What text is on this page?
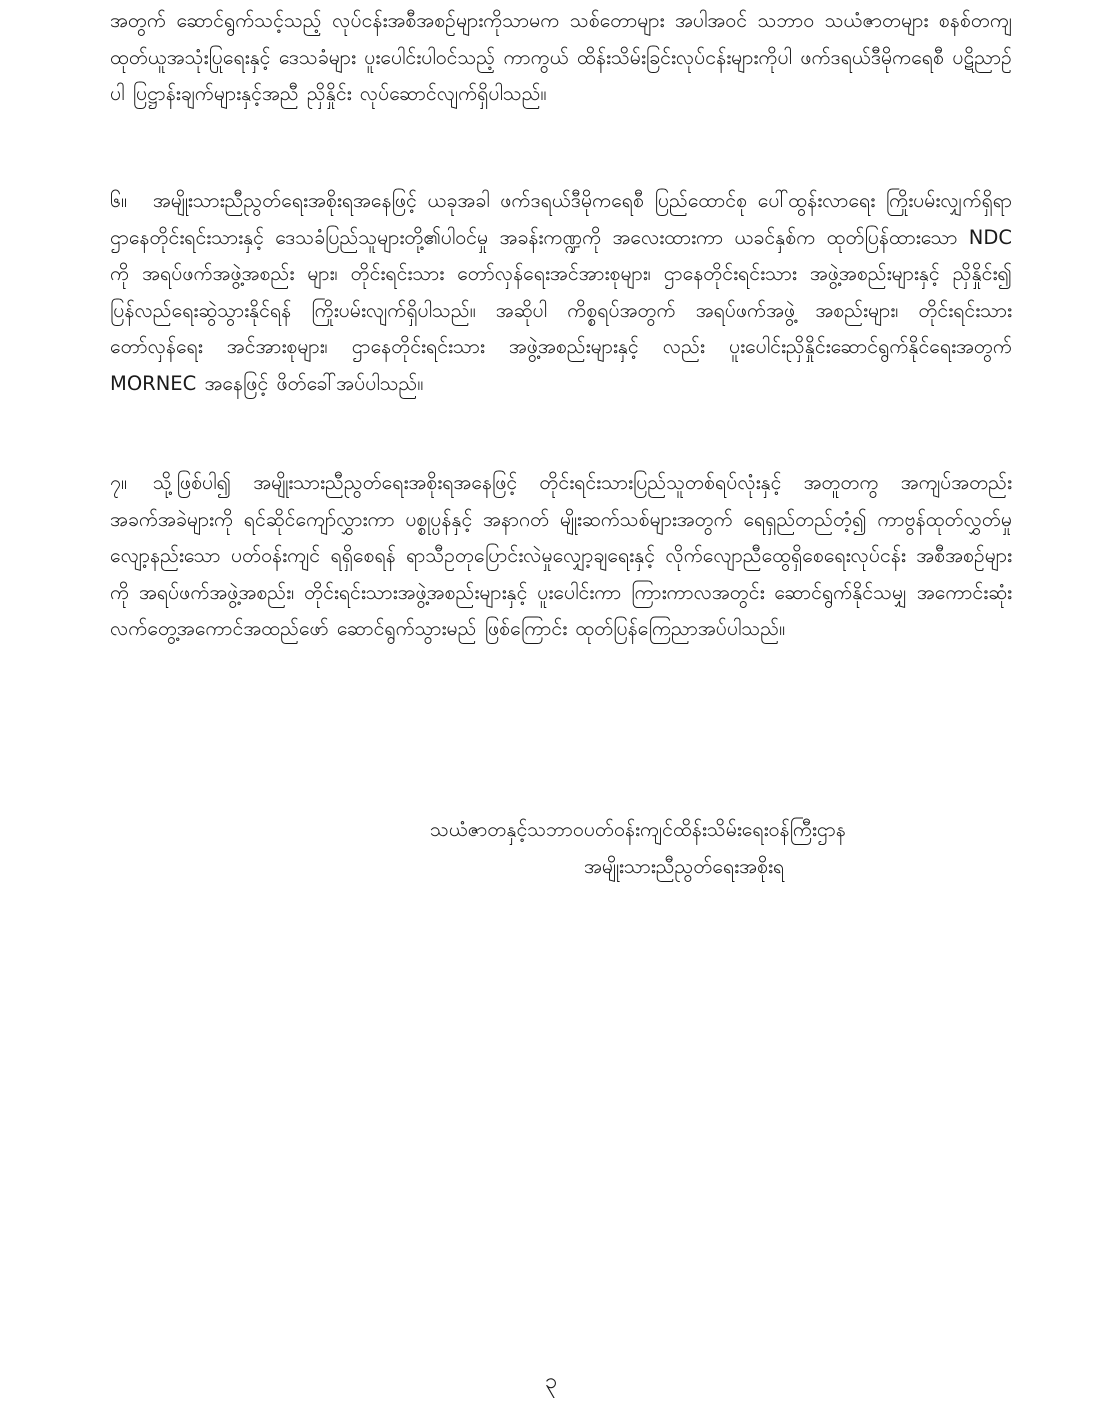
အတွက် ဆောင်ရွက်သင့်သည့် လုပ်ငန်းအစီအစဉ်များကိုသာမက သစ်တောများ အပါအဝင် သဘာဝ သယံဇာတများ စနစ်တကျထုတ်ယူအသုံးပြုရေးနှင့် ဒေသခံများ ပူးပေါင်းပါဝင်သည့် ကာကွယ် ထိန်းသိမ်းခြင်းလုပ်ငန်းများကိုပါ ဖက်ဒရယ်ဒီမိုကရေစီ ပဋိညာဉ်ပါ ပြဋ္ဌာန်းချက်များနှင့်အညီ ညှိနှိုင်း လုပ်ဆောင်လျက်ရှိပါသည်။

၆။ အမျိုးသားညီညွတ်ရေးအစိုးရအနေဖြင့် ယခုအခါ ဖက်ဒရယ်ဒီမိုကရေစီ ပြည်ထောင်စု ပေါ်ထွန်းလာရေး ကြိုးပမ်းလျှက်ရှိရာ ဌာနေတိုင်းရင်းသားနှင့် ဒေသခံပြည်သူများတို့၏ပါဝင်မှု အခန်းကဏ္ဍကို အလေးထားကာ ယခင်နှစ်က ထုတ်ပြန်ထားသော NDC ကို အရပ်ဖက်အဖွဲ့အစည်း များ၊ တိုင်းရင်းသား တော်လှန်ရေးအင်အားစုများ၊ ဌာနေတိုင်းရင်းသား အဖွဲ့အစည်းများနှင့် ညှိနှိုင်း၍ ပြန်လည်ရေးဆွဲသွားနိုင်ရန် ကြိုးပမ်းလျက်ရှိပါသည်။ အဆိုပါ ကိစ္စရပ်အတွက် အရပ်ဖက်အဖွဲ့ အစည်းများ၊ တိုင်းရင်းသားတော်လှန်ရေး အင်အားစုများ၊ ဌာနေတိုင်းရင်းသား အဖွဲ့အစည်းများနှင့် လည်း ပူးပေါင်းညှိနှိုင်းဆောင်ရွက်နိုင်ရေးအတွက် MORNEC အနေဖြင့် ဖိတ်ခေါ်အပ်ပါသည်။

၇။ သို့ဖြစ်ပါ၍ အမျိုးသားညီညွတ်ရေးအစိုးရအနေဖြင့် တိုင်းရင်းသားပြည်သူတစ်ရပ်လုံးနှင့် အတူတကွ အကျပ်အတည်း အခက်အခဲများကို ရင်ဆိုင်ကျော်လွှားကာ ပစ္စုပ္ပန်နှင့် အနာဂတ် မျိုးဆက်သစ်များအတွက် ရေရှည်တည်တံ့၍ ကာဗွန်ထုတ်လွှတ်မှုလျော့နည်းသော ပတ်ဝန်းကျင် ရရှိစေရန် ရာသီဥတုပြောင်းလဲမှုလျှော့ချရေးနှင့် လိုက်လျောညီထွေရှိစေရေးလုပ်ငန်း အစီအစဉ်များ ကို အရပ်ဖက်အဖွဲ့အစည်း၊ တိုင်းရင်းသားအဖွဲ့အစည်းများနှင့် ပူးပေါင်းကာ ကြားကာလအတွင်း ဆောင်ရွက်နိုင်သမျှ အကောင်းဆုံး လက်တွေ့အကောင်အထည်ဖော် ဆောင်ရွက်သွားမည် ဖြစ်ကြောင်း ထုတ်ပြန်ကြေညာအပ်ပါသည်။

သယံဇာတနှင့်သဘာဝပတ်ဝန်းကျင်ထိန်းသိမ်းရေးဝန်ကြီးဌာန
အမျိုးသားညီညွတ်ရေးအစိုးရ
၃
